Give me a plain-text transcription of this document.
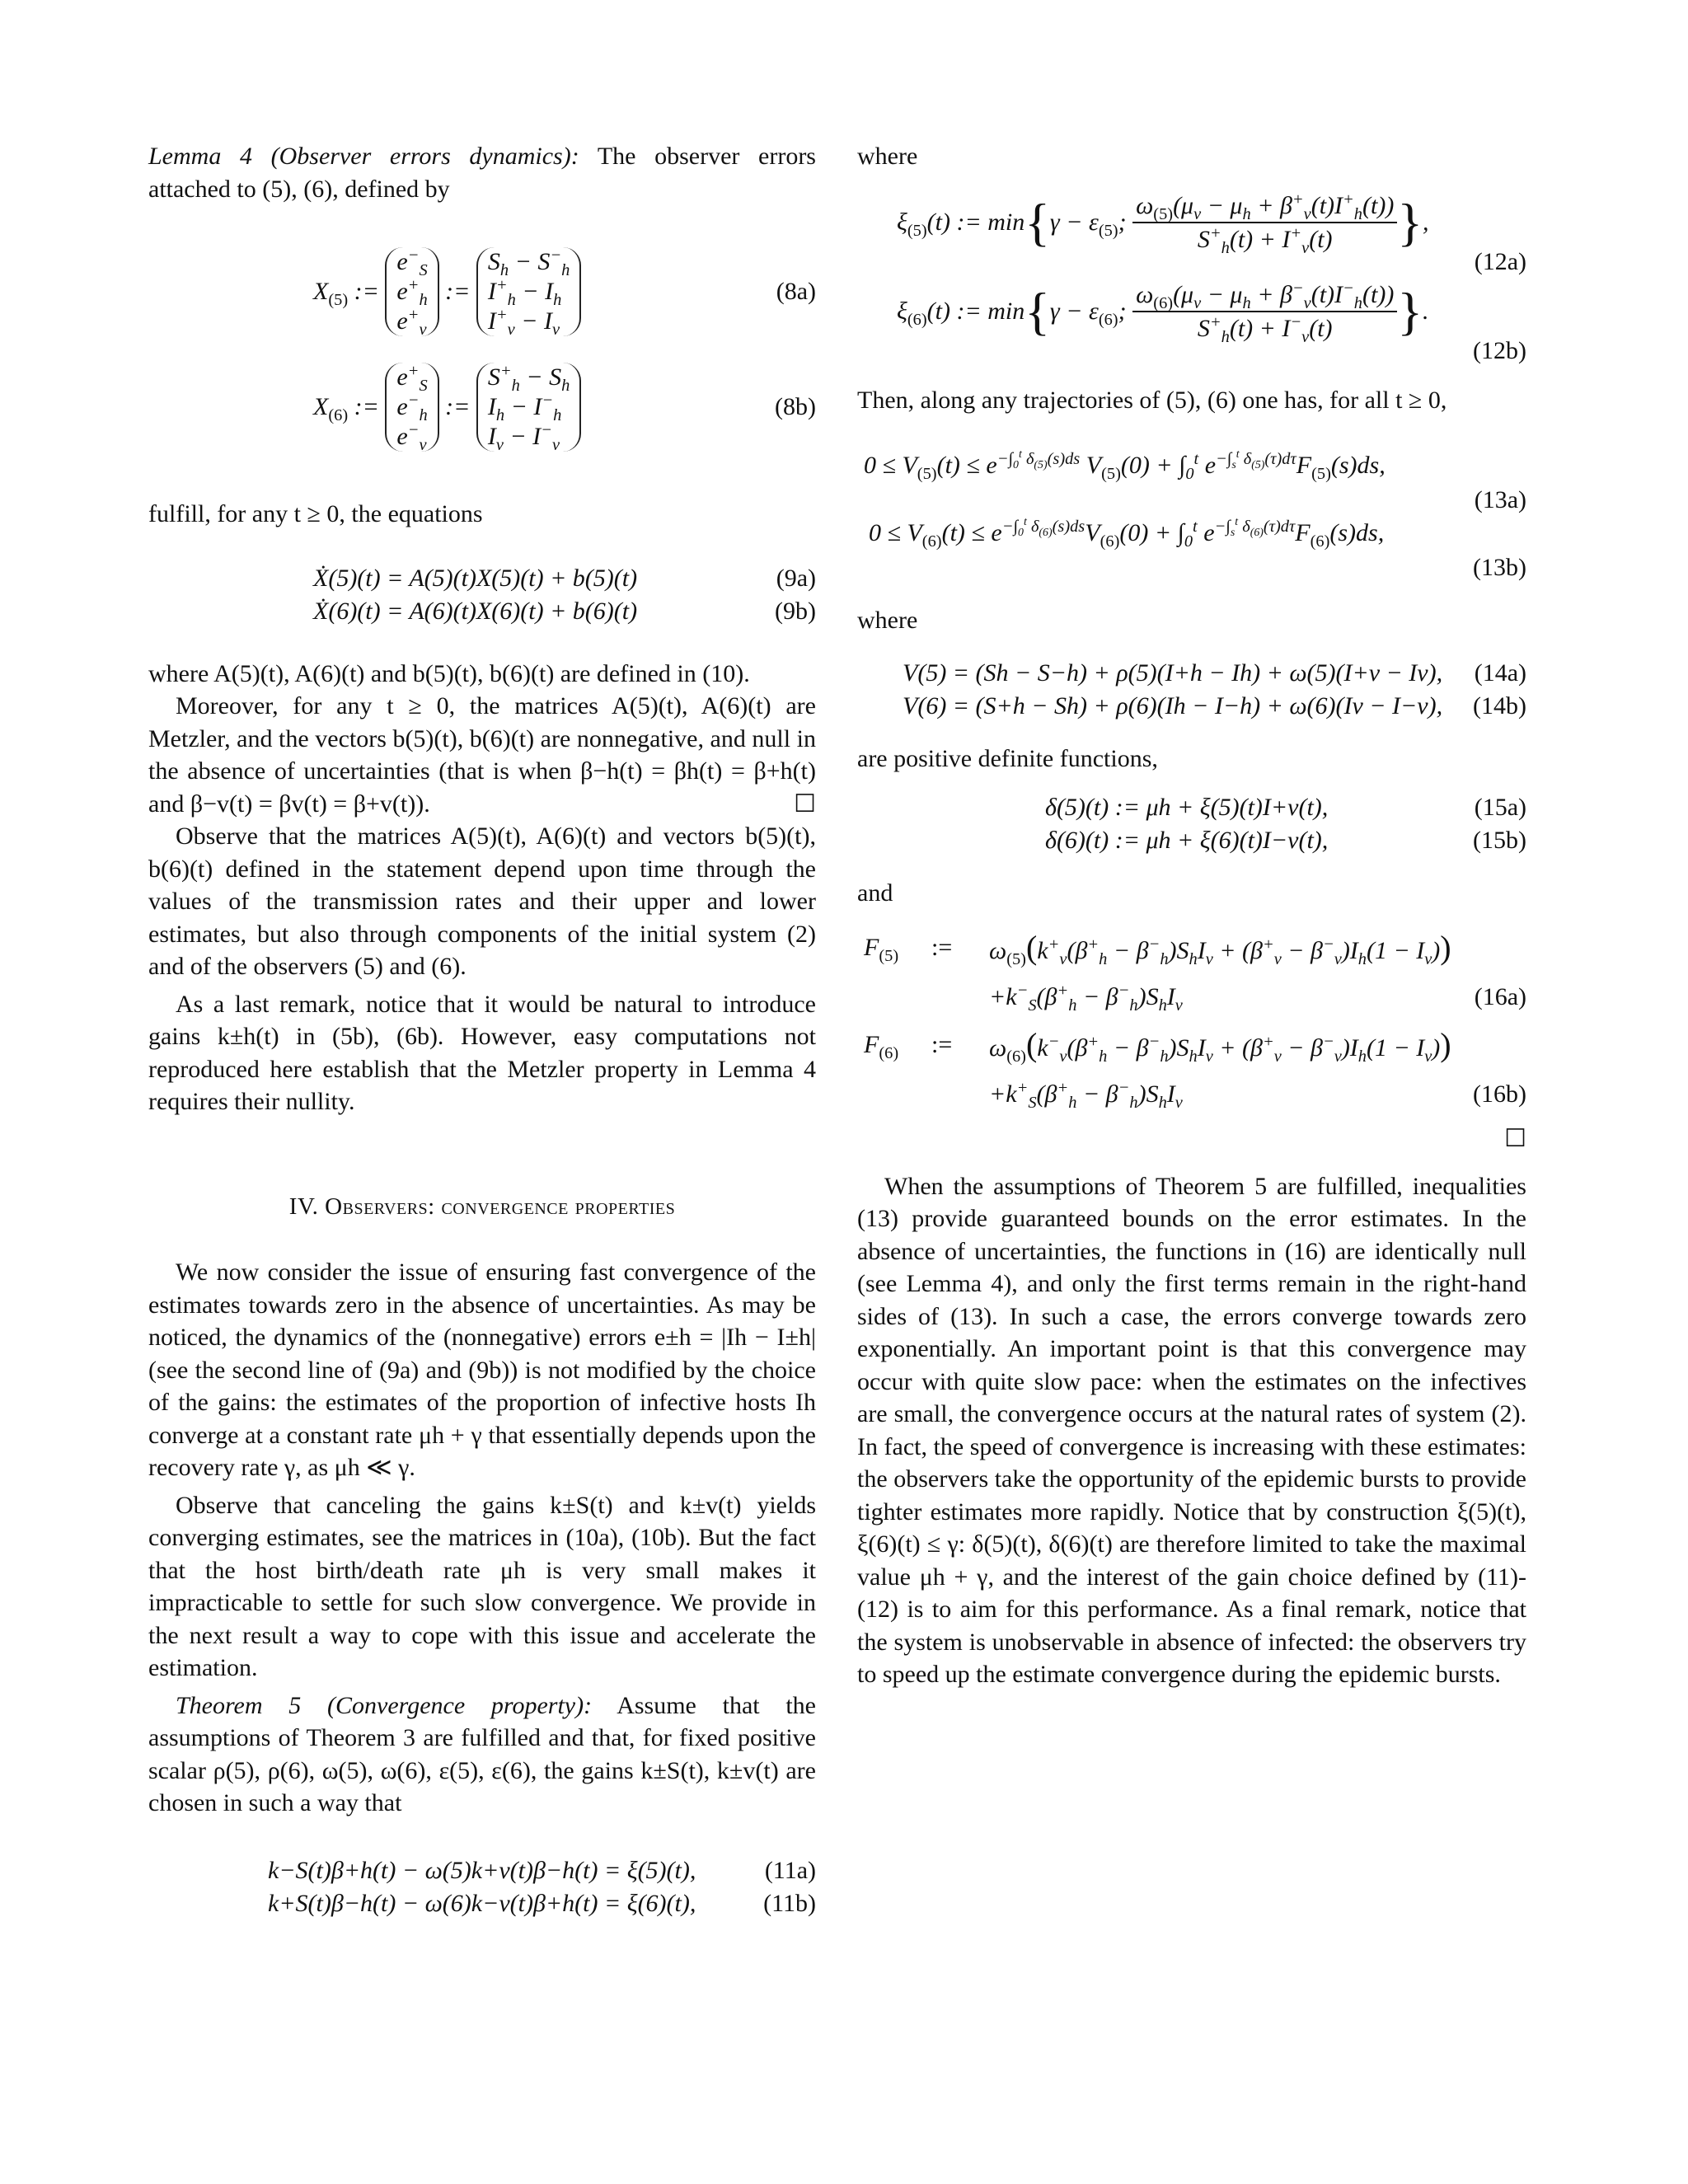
Lemma 4 (Observer errors dynamics): The observer errors attached to (5), (6), defined by

$X_{(5)}$ :=
$e^-_S$
$e^+_h$
$e^+_v$
:=
$S_h - S^-_h$
$I^+_h - I_h$
$I^+_v - I_v$
(8a)
$X_{(6)}$ :=
$e^+_S$
$e^-_h$
$e^-_v$
:=
$S^+_h - S_h$
$I_h - I^-_h$
$I_v - I^-_v$
(8b)

fulfill, for any t ≥ 0, the equations

Ẋ(5)(t) = A(5)(t)X(5)(t) + b(5)(t)	(9a)
Ẋ(6)(t) = A(6)(t)X(6)(t) + b(6)(t)	(9b)

where A(5)(t), A(6)(t) and b(5)(t), b(6)(t) are defined in (10).

Moreover, for any t ≥ 0, the matrices A(5)(t), A(6)(t) are Metzler, and the vectors b(5)(t), b(6)(t) are nonnegative, and null in the absence of uncertainties (that is when β−h(t) = βh(t) = β+h(t) and β−v(t) = βv(t) = β+v(t)).	☐

Observe that the matrices A(5)(t), A(6)(t) and vectors b(5)(t), b(6)(t) defined in the statement depend upon time through the values of the transmission rates and their upper and lower estimates, but also through components of the initial system (2) and of the observers (5) and (6).

As a last remark, notice that it would be natural to introduce gains k±h(t) in (5b), (6b). However, easy computations not reproduced here establish that the Metzler property in Lemma 4 requires their nullity.

IV. Observers: convergence properties

We now consider the issue of ensuring fast convergence of the estimates towards zero in the absence of uncertainties. As may be noticed, the dynamics of the (nonnegative) errors e±h = |Ih − I±h| (see the second line of (9a) and (9b)) is not modified by the choice of the gains: the estimates of the proportion of infective hosts Ih converge at a constant rate μh + γ that essentially depends upon the recovery rate γ, as μh ≪ γ.

Observe that canceling the gains k±S(t) and k±v(t) yields converging estimates, see the matrices in (10a), (10b). But the fact that the host birth/death rate μh is very small makes it impracticable to settle for such slow convergence. We provide in the next result a way to cope with this issue and accelerate the estimation.

Theorem 5 (Convergence property): Assume that the assumptions of Theorem 3 are fulfilled and that, for fixed positive scalar ρ(5), ρ(6), ω(5), ω(6), ε(5), ε(6), the gains k±S(t), k±v(t) are chosen in such a way that

k−S(t)β+h(t) − ω(5)k+v(t)β−h(t) = ξ(5)(t),	(11a)
k+S(t)β−h(t) − ω(6)k−v(t)β+h(t) = ξ(6)(t),	(11b)

where

$\xi_{(5)}(t)$ := min { $\gamma - \varepsilon_{(5)}$; $\frac{\omega_{(5)}(\mu_v - \mu_h + \beta^+_v(t)I^+_h(t))}{S^+_h(t) + I^+_v(t)}$ } ,
(12a)
$\xi_{(6)}(t)$ := min { $\gamma - \varepsilon_{(6)}$; $\frac{\omega_{(6)}(\mu_v - \mu_h + \beta^-_v(t)I^-_h(t))}{S^+_h(t) + I^-_v(t)}$ } .
(12b)

Then, along any trajectories of (5), (6) one has, for all t ≥ 0,

$0 \le V_{(5)}(t) \le e^{-\int_0^t \delta_{(5)}(s)ds}$ $V_{(5)}(0) + \int_0^t$ $e^{-\int_s^t \delta_{(5)}(\tau)d\tau}F_{(5)}(s)ds$,
(13a)
$0 \le V_{(6)}(t) \le e^{-\int_0^t \delta_{(6)}(s)ds}V_{(6)}(0) + \int_0^t$ $e^{-\int_s^t \delta_{(6)}(\tau)d\tau}F_{(6)}(s)ds$,
(13b)

where

V(5) = (Sh − S−h) + ρ(5)(I+h − Ih) + ω(5)(I+v − Iv), (14a)
V(6) = (S+h − Sh) + ρ(6)(Ih − I−h) + ω(6)(Iv − I−v), (14b)

are positive definite functions,

δ(5)(t) := μh + ξ(5)(t)I+v(t),	(15a)
δ(6)(t) := μh + ξ(6)(t)I−v(t),	(15b)

and

$F_{(5)}$ := $\omega_{(5)}(k^+_v(\beta^+_h - \beta^-_h)S_hI_v + (\beta^+_v - \beta^-_v)I_h(1 - I_v))$
$+k^-_S(\beta^+_h - \beta^-_h)S_hI_v$	(16a)
$F_{(6)}$ := $\omega_{(6)}(k^-_v(\beta^+_h - \beta^-_h)S_hI_v + (\beta^+_v - \beta^-_v)I_h(1 - I_v))$
$+k^+_S(\beta^+_h - \beta^-_h)S_hI_v$	(16b)
☐

When the assumptions of Theorem 5 are fulfilled, inequalities (13) provide guaranteed bounds on the error estimates. In the absence of uncertainties, the functions in (16) are identically null (see Lemma 4), and only the first terms remain in the right-hand sides of (13). In such a case, the errors converge towards zero exponentially. An important point is that this convergence may occur with quite slow pace: when the estimates on the infectives are small, the convergence occurs at the natural rates of system (2). In fact, the speed of convergence is increasing with these estimates: the observers take the opportunity of the epidemic bursts to provide tighter estimates more rapidly. Notice that by construction ξ(5)(t), ξ(6)(t) ≤ γ: δ(5)(t), δ(6)(t) are therefore limited to take the maximal value μh + γ, and the interest of the gain choice defined by (11)-(12) is to aim for this performance. As a final remark, notice that the system is unobservable in absence of infected: the observers try to speed up the estimate convergence during the epidemic bursts.
